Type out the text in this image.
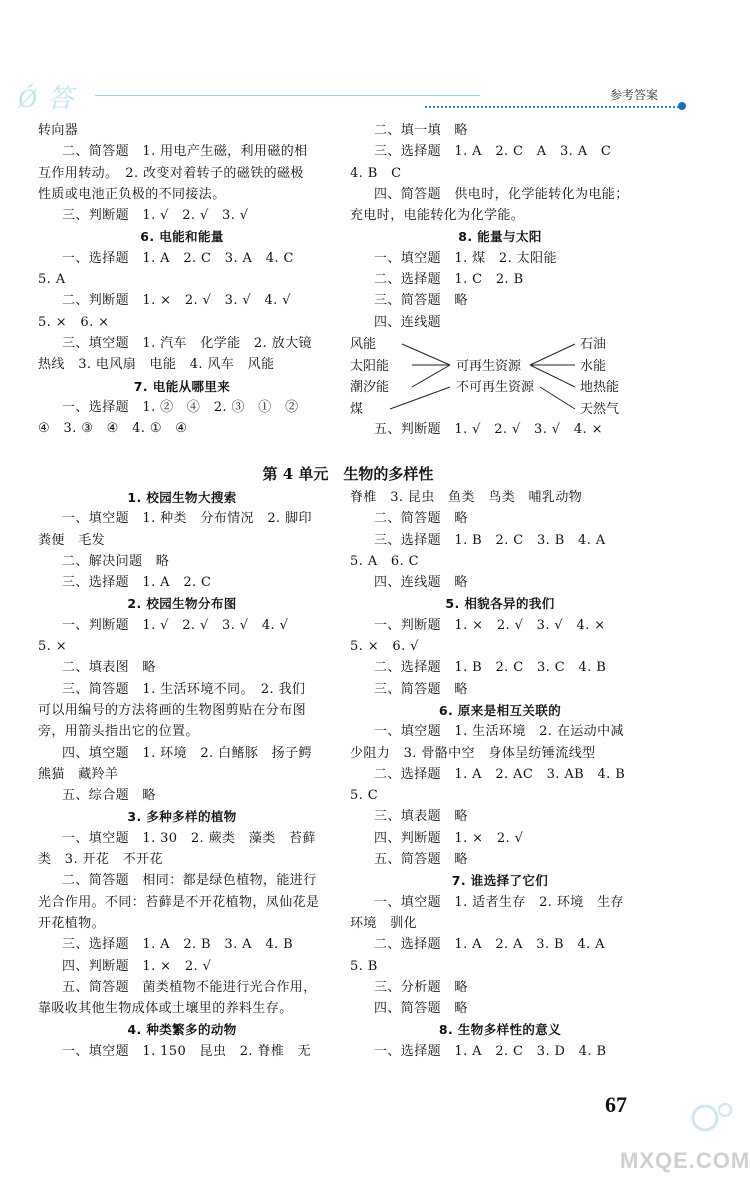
Ǿ 答	参考答案
转向器
二、简答题　1. 用电产生磁，利用磁的相
互作用转动。　2. 改变对着转子的磁铁的磁极
性质或电池正负极的不同接法。
三、判断题　1. √　2. √　3. √
6. 电能和能量
一、选择题　1. A　2. C　3. A　4. C
5. A
二、判断题　1. ×　2. √　3. √　4. √
5. ×　6. ×
三、填空题　1. 汽车　化学能　2. 放大镜
热线　3. 电风扇　电能　4. 风车　风能
7. 电能从哪里来
一、选择题　1. ②　④　2. ③　①　②
④　3. ③　④　4. ①　④
二、填一填　略
三、选择题　1. A　2. C　A　3. A　C
4. B　C
四、简答题　供电时，化学能转化为电能；
充电时，电能转化为化学能。
8. 能量与太阳
一、填空题　1. 煤　2. 太阳能
二、选择题　1. C　2. B
三、简答题　略
四、连线题
风能
太阳能
潮汐能
煤
可再生资源
不可再生资源
石油
水能
地热能
天然气
五、判断题　1. √　2. √　3. √　4. ×
第 4 单元　生物的多样性
1. 校园生物大搜索
一、填空题　1. 种类　分布情况　2. 脚印
粪便　毛发
二、解决问题　略
三、选择题　1. A　2. C
2. 校园生物分布图
一、判断题　1. √　2. √　3. √　4. √
5. ×
二、填表图　略
三、简答题　1. 生活环境不同。　2. 我们
可以用编号的方法将画的生物图剪贴在分布图
旁，用箭头指出它的位置。
四、填空题　1. 环境　2. 白鳍豚　扬子鳄
熊猫　藏羚羊
五、综合题　略
3. 多种多样的植物
一、填空题　1. 30　2. 蕨类　藻类　苔藓
类　3. 开花　不开花
二、简答题　相同：都是绿色植物，能进行
光合作用。不同：苔藓是不开花植物，凤仙花是
开花植物。
三、选择题　1. A　2. B　3. A　4. B
四、判断题　1. ×　2. √
五、简答题　菌类植物不能进行光合作用，
靠吸收其他生物成体或土壤里的养料生存。
4. 种类繁多的动物
一、填空题　1. 150　昆虫　2. 脊椎　无
脊椎　3. 昆虫　鱼类　鸟类　哺乳动物
二、简答题　略
三、选择题　1. B　2. C　3. B　4. A
5. A　6. C
四、连线题　略
5. 相貌各异的我们
一、判断题　1. ×　2. √　3. √　4. ×
5. ×　6. √
二、选择题　1. B　2. C　3. C　4. B
三、简答题　略
6. 原来是相互关联的
一、填空题　1. 生活环境　2. 在运动中减
少阻力　3. 骨骼中空　身体呈纺锤流线型
二、选择题　1. A　2. AC　3. AB　4. B
5. C
三、填表题　略
四、判断题　1. ×　2. √
五、简答题　略
7. 谁选择了它们
一、填空题　1. 适者生存　2. 环境　生存
环境　驯化
二、选择题　1. A　2. A　3. B　4. A
5. B
三、分析题　略
四、简答题　略
8. 生物多样性的意义
一、选择题　1. A　2. C　3. D　4. B
67
MXQE.COM
